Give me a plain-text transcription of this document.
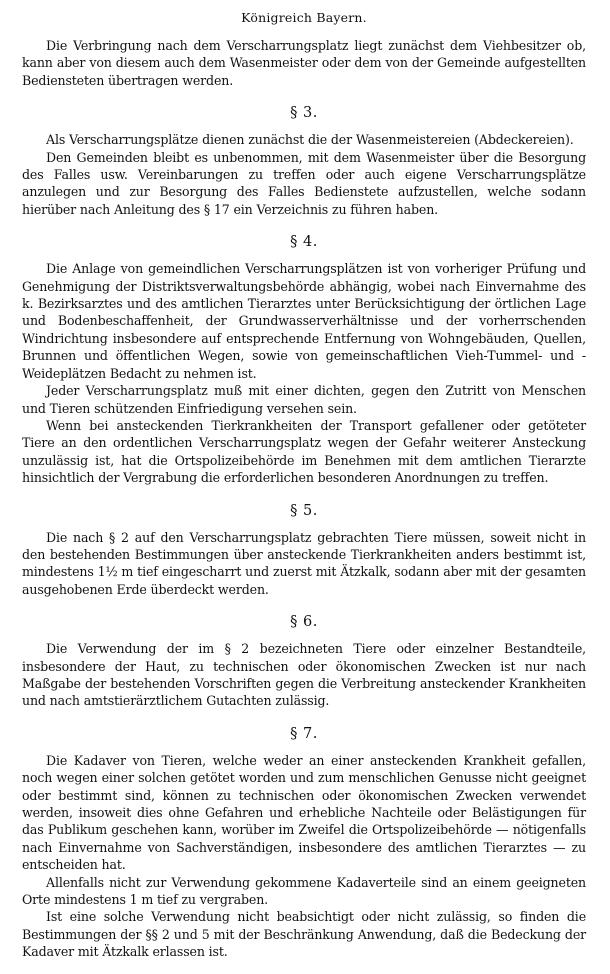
Königreich Bayern.

Die Verbringung nach dem Verscharrungsplatz liegt zunächst dem Viehbesitzer ob, kann aber von diesem auch dem Wasenmeister oder dem von der Gemeinde aufgestellten Bediensteten übertragen werden.

§ 3.

Als Verscharrungsplätze dienen zunächst die der Wasenmeistereien (Abdeckereien).

Den Gemeinden bleibt es unbenommen, mit dem Wasenmeister über die Besorgung des Falles usw. Vereinbarungen zu treffen oder auch eigene Verscharrungsplätze anzulegen und zur Besorgung des Falles Bedienstete aufzustellen, welche sodann hierüber nach Anleitung des § 17 ein Verzeichnis zu führen haben.

§ 4.

Die Anlage von gemeindlichen Verscharrungsplätzen ist von vorheriger Prüfung und Genehmigung der Distriktsverwaltungsbehörde abhängig, wobei nach Einvernahme des k. Bezirksarztes und des amtlichen Tierarztes unter Berücksichtigung der örtlichen Lage und Bodenbeschaffenheit, der Grundwasserverhältnisse und der vorherrschenden Windrichtung insbesondere auf entsprechende Entfernung von Wohngebäuden, Quellen, Brunnen und öffentlichen Wegen, sowie von gemeinschaftlichen Vieh-Tummel- und -Weideplätzen Bedacht zu nehmen ist.

Jeder Verscharrungsplatz muß mit einer dichten, gegen den Zutritt von Menschen und Tieren schützenden Einfriedigung versehen sein.

Wenn bei ansteckenden Tierkrankheiten der Transport gefallener oder getöteter Tiere an den ordentlichen Verscharrungsplatz wegen der Gefahr weiterer Ansteckung unzulässig ist, hat die Ortspolizeibehörde im Benehmen mit dem amtlichen Tierarzte hinsichtlich der Vergrabung die erforderlichen besonderen Anordnungen zu treffen.

§ 5.

Die nach § 2 auf den Verscharrungsplatz gebrachten Tiere müssen, soweit nicht in den bestehenden Bestimmungen über ansteckende Tierkrankheiten anders bestimmt ist, mindestens 1½ m tief eingescharrt und zuerst mit Ätzkalk, sodann aber mit der gesamten ausgehobenen Erde überdeckt werden.

§ 6.

Die Verwendung der im § 2 bezeichneten Tiere oder einzelner Bestandteile, insbesondere der Haut, zu technischen oder ökonomischen Zwecken ist nur nach Maßgabe der bestehenden Vorschriften gegen die Verbreitung ansteckender Krankheiten und nach amtstierärztlichem Gutachten zulässig.

§ 7.

Die Kadaver von Tieren, welche weder an einer ansteckenden Krankheit gefallen, noch wegen einer solchen getötet worden und zum menschlichen Genusse nicht geeignet oder bestimmt sind, können zu technischen oder ökonomischen Zwecken verwendet werden, insoweit dies ohne Gefahren und erhebliche Nachteile oder Belästigungen für das Publikum geschehen kann, worüber im Zweifel die Ortspolizeibehörde — nötigenfalls nach Einvernahme von Sachverständigen, insbesondere des amtlichen Tierarztes — zu entscheiden hat.

Allenfalls nicht zur Verwendung gekommene Kadaverteile sind an einem geeigneten Orte mindestens 1 m tief zu vergraben.

Ist eine solche Verwendung nicht beabsichtigt oder nicht zulässig, so finden die Bestimmungen der §§ 2 und 5 mit der Beschränkung Anwendung, daß die Bedeckung der Kadaver mit Ätzkalk erlassen ist.
